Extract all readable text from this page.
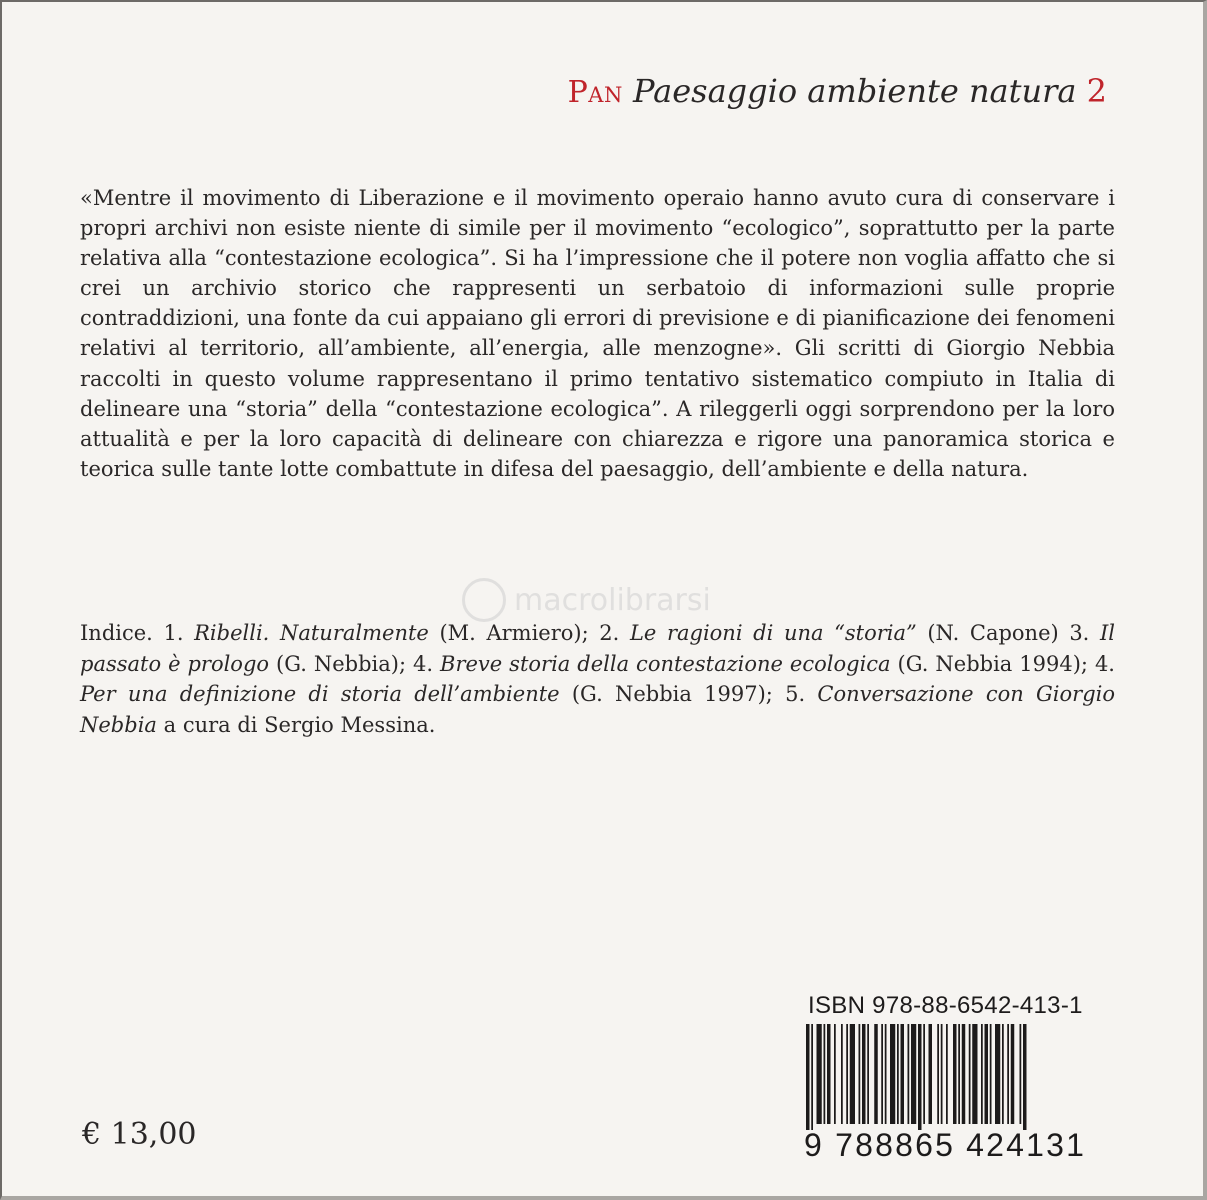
Pan Paesaggio ambiente natura 2
«Mentre il movimento di Liberazione e il movimento operaio hanno avuto cura di conservare i propri archivi non esiste niente di simile per il movimento “ecologico”, soprattutto per la parte relativa alla “contestazione ecologica”. Si ha l’impressione che il potere non voglia affatto che si crei un archivio storico che rappresenti un serbatoio di informazioni sulle proprie contraddizioni, una fonte da cui appaiano gli errori di previsione e di pianificazione dei fenomeni relativi al territorio, all’ambiente, all’energia, alle menzogne». Gli scritti di Giorgio Nebbia raccolti in questo volume rappresentano il primo tentativo sistematico compiuto in Italia di delineare una “storia” della “contestazione ecologica”. A rileggerli oggi sorprendono per la loro attualità e per la loro capacità di delineare con chiarezza e rigore una panoramica storica e teorica sulle tante lotte combattute in difesa del paesaggio, dell’ambiente e della natura.
macrolibrarsi
Indice. 1. Ribelli. Naturalmente (M. Armiero); 2. Le ragioni di una “storia” (N. Capone) 3. Il passato è prologo (G. Nebbia); 4. Breve storia della contestazione ecologica (G. Nebbia 1994); 4. Per una definizione di storia dell’ambiente (G. Nebbia 1997); 5. Conversazione con Giorgio Nebbia a cura di Sergio Messina.
ISBN 978-88-6542-413-1
9 788865 424131
€ 13,00
